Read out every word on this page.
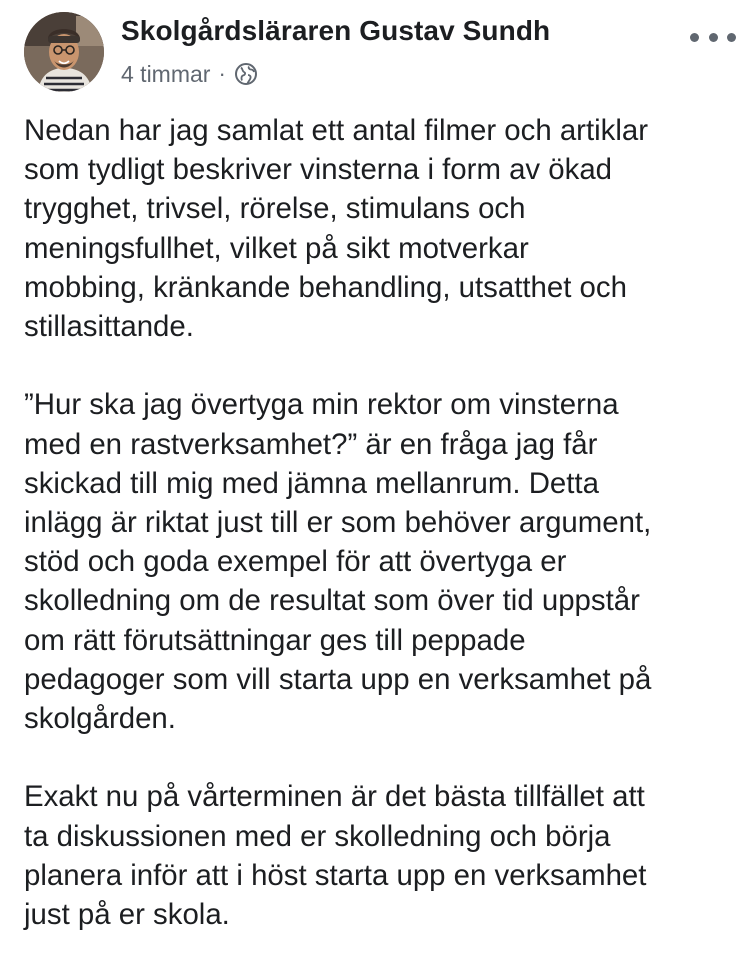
Skolgårdsläraren Gustav Sundh
4 timmar ·

Nedan har jag samlat ett antal filmer och artiklar
som tydligt beskriver vinsterna i form av ökad
trygghet, trivsel, rörelse, stimulans och
meningsfullhet, vilket på sikt motverkar
mobbing, kränkande behandling, utsatthet och
stillasittande.

”Hur ska jag övertyga min rektor om vinsterna
med en rastverksamhet?” är en fråga jag får
skickad till mig med jämna mellanrum. Detta
inlägg är riktat just till er som behöver argument,
stöd och goda exempel för att övertyga er
skolledning om de resultat som över tid uppstår
om rätt förutsättningar ges till peppade
pedagoger som vill starta upp en verksamhet på
skolgården.

Exakt nu på vårterminen är det bästa tillfället att
ta diskussionen med er skolledning och börja
planera inför att i höst starta upp en verksamhet
just på er skola.
